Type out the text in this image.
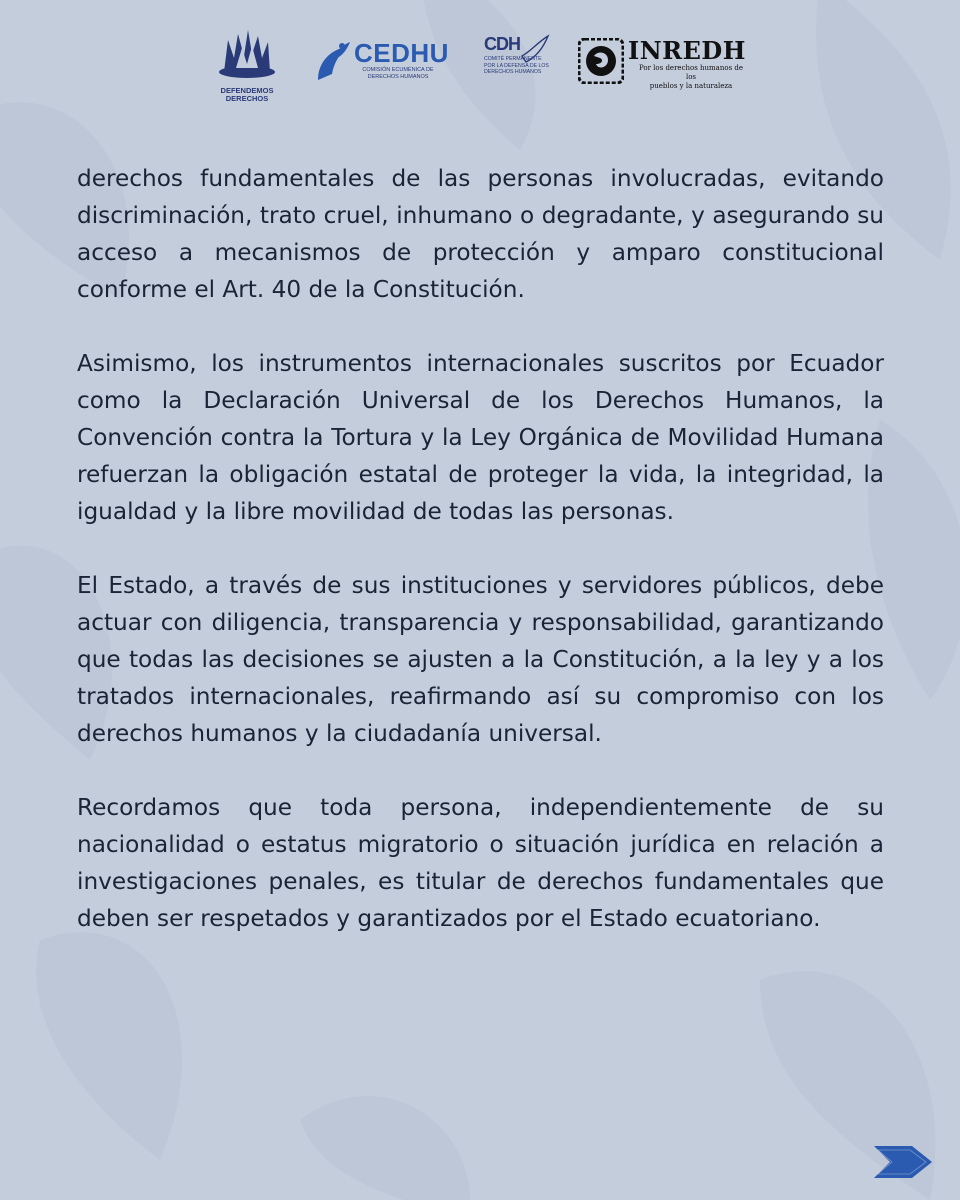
DEFENDEMOS
DERECHOS
CEDHU
COMISIÓN ECUMÉNICA DE
DERECHOS HUMANOS
CDH
COMITÉ PERMANENTE
POR LA DEFENSA DE LOS
DERECHOS HUMANOS
INREDH
Por los derechos humanos de los
pueblos y la naturaleza

derechos fundamentales de las personas involucradas, evitando discriminación, trato cruel, inhumano o degradante, y asegurando su acceso a mecanismos de protección y amparo constitucional conforme el Art. 40 de la Constitución.

Asimismo, los instrumentos internacionales suscritos por Ecuador como la Declaración Universal de los Derechos Humanos, la Convención contra la Tortura y la Ley Orgánica de Movilidad Humana refuerzan la obligación estatal de proteger la vida, la integridad, la igualdad y la libre movilidad de todas las personas.

El Estado, a través de sus instituciones y servidores públicos, debe actuar con diligencia, transparencia y responsabilidad, garantizando que todas las decisiones se ajusten a la Constitución, a la ley y a los tratados internacionales, reafirmando así su compromiso con los derechos humanos y la ciudadanía universal.

Recordamos que toda persona, independientemente de su nacionalidad o estatus migratorio o situación jurídica en relación a investigaciones penales, es titular de derechos fundamentales que deben ser respetados y garantizados por el Estado ecuatoriano.
